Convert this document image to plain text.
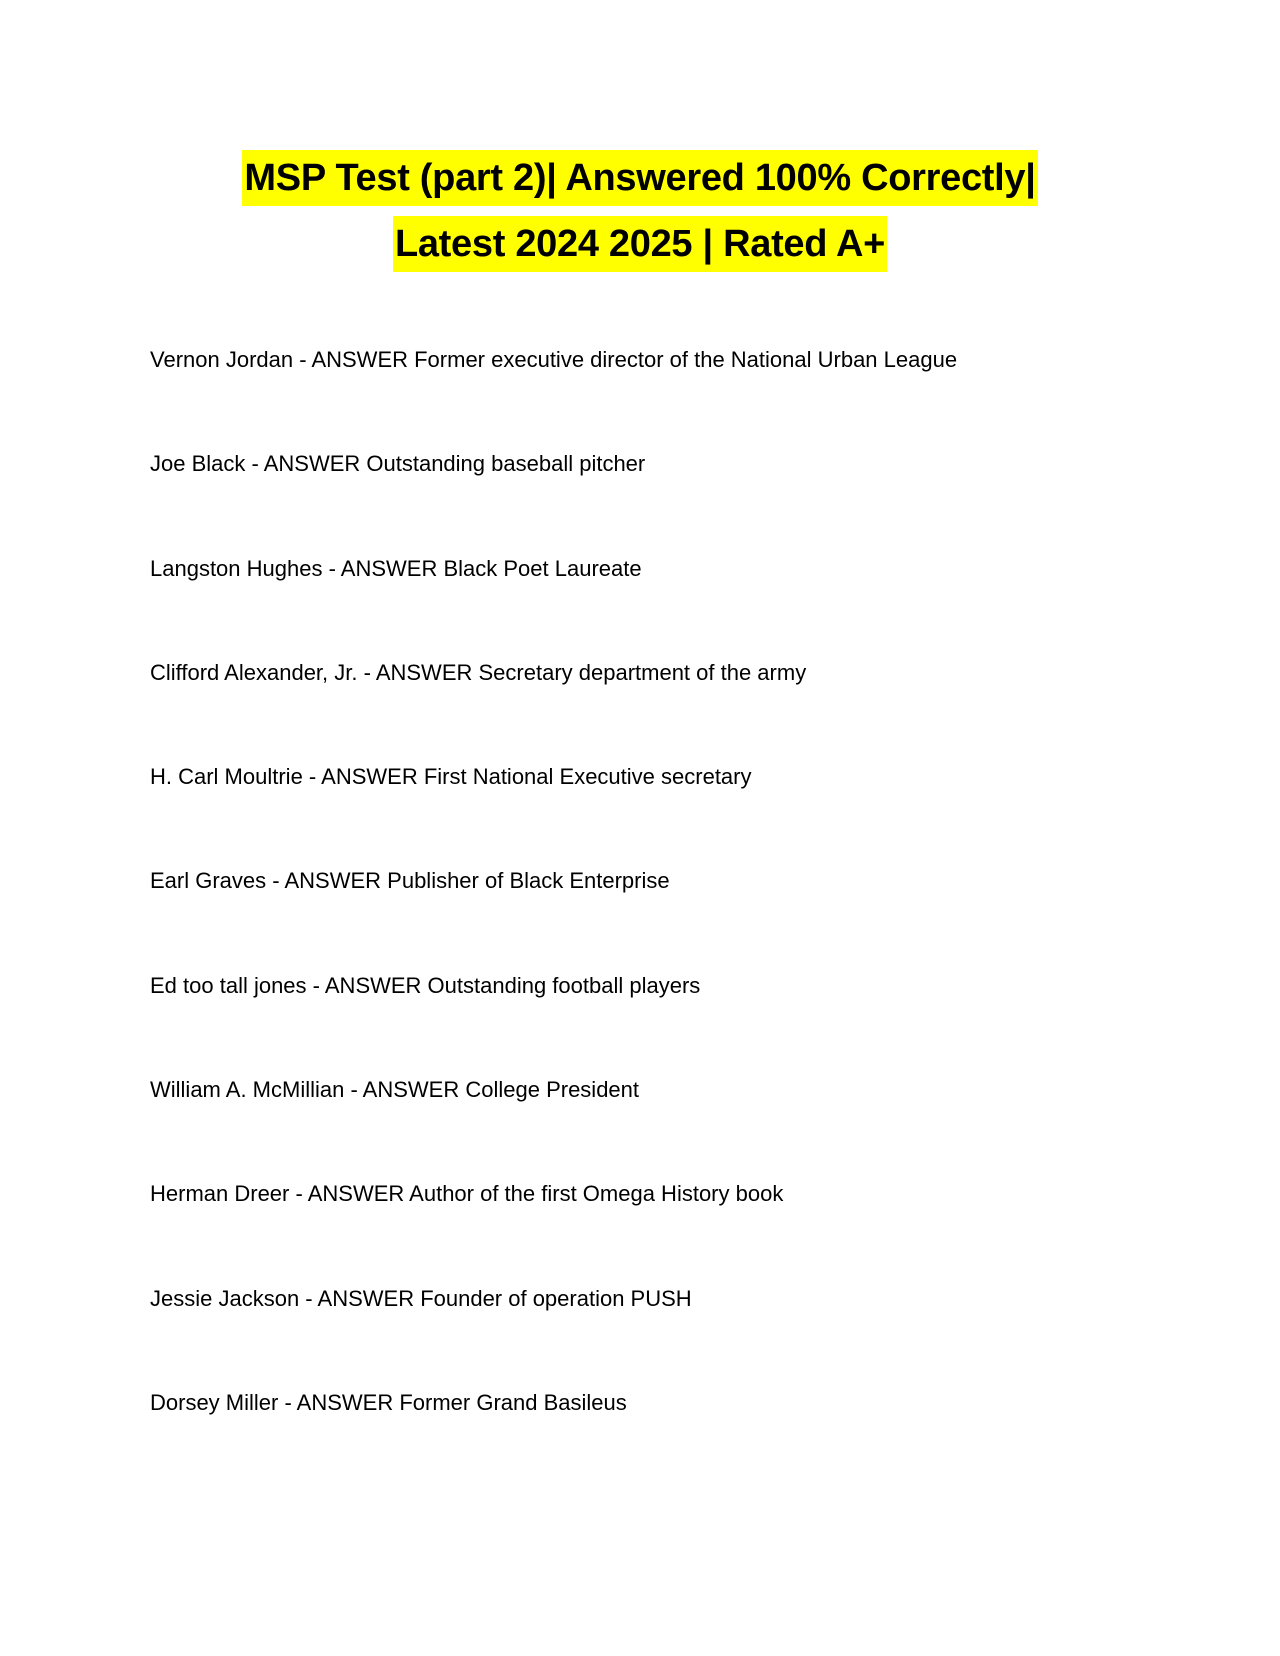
MSP Test (part 2)| Answered 100% Correctly|
Latest 2024 2025 | Rated A+
Vernon Jordan - ANSWER Former executive director of the National Urban League
Joe Black - ANSWER Outstanding baseball pitcher
Langston Hughes - ANSWER Black Poet Laureate
Clifford Alexander, Jr. - ANSWER Secretary department of the army
H. Carl Moultrie - ANSWER First National Executive secretary
Earl Graves - ANSWER Publisher of Black Enterprise
Ed too tall jones - ANSWER Outstanding football players
William A. McMillian - ANSWER College President
Herman Dreer - ANSWER Author of the first Omega History book
Jessie Jackson - ANSWER Founder of operation PUSH
Dorsey Miller - ANSWER Former Grand Basileus
